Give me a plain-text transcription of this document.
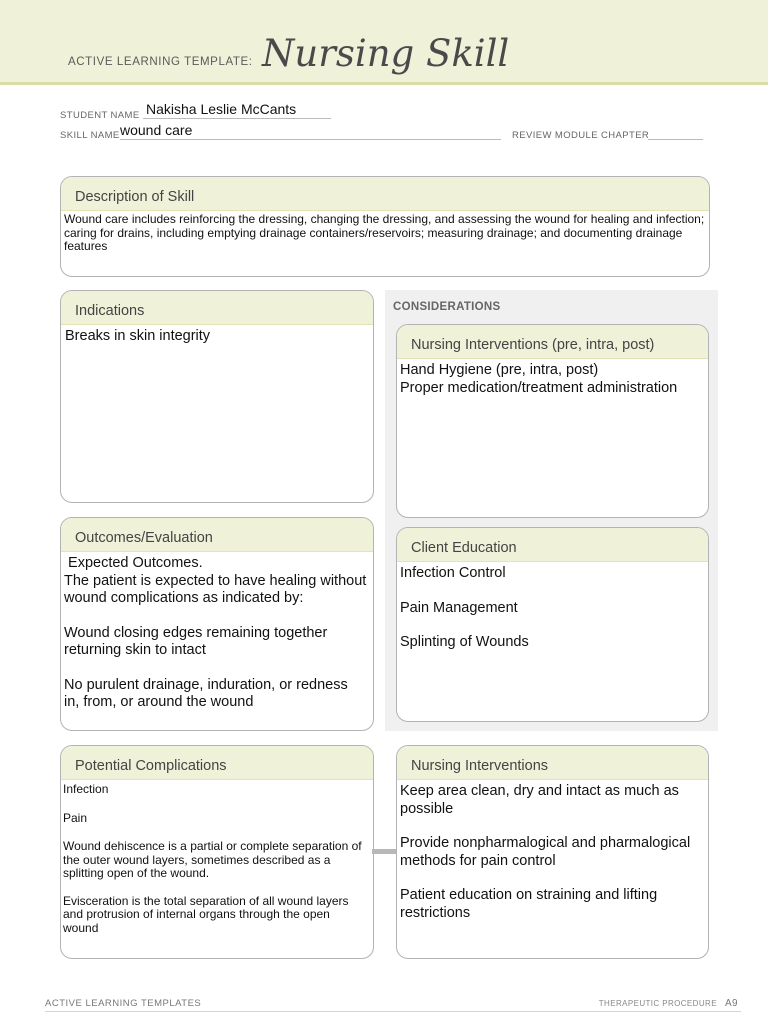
ACTIVE LEARNING TEMPLATE: Nursing Skill
STUDENT NAME Nakisha Leslie McCants
SKILL NAME wound care	REVIEW MODULE CHAPTER
Description of Skill
Wound care includes reinforcing the dressing, changing the dressing, and assessing the wound for healing and infection; caring for drains, including emptying drainage containers/reservoirs; measuring drainage; and documenting drainage features
CONSIDERATIONS
Indications
Breaks in skin integrity
Nursing Interventions (pre, intra, post)
Hand Hygiene (pre, intra, post)
Proper medication/treatment administration
Outcomes/Evaluation
Expected Outcomes.
The patient is expected to have healing without wound complications as indicated by:
Wound closing edges remaining together returning skin to intact
No purulent drainage, induration, or redness in, from, or around the wound
Client Education
Infection Control
Pain Management
Splinting of Wounds
Potential Complications
Infection
Pain
Wound dehiscence is a partial or complete separation of the outer wound layers, sometimes described as a splitting open of the wound.
Evisceration is the total separation of all wound layers and protrusion of internal organs through the open wound
Nursing Interventions
Keep area clean, dry and intact as much as possible
Provide nonpharmalogical and pharmalogical methods for pain control
Patient education on straining and lifting restrictions
ACTIVE LEARNING TEMPLATES	THERAPEUTIC PROCEDURE A9
